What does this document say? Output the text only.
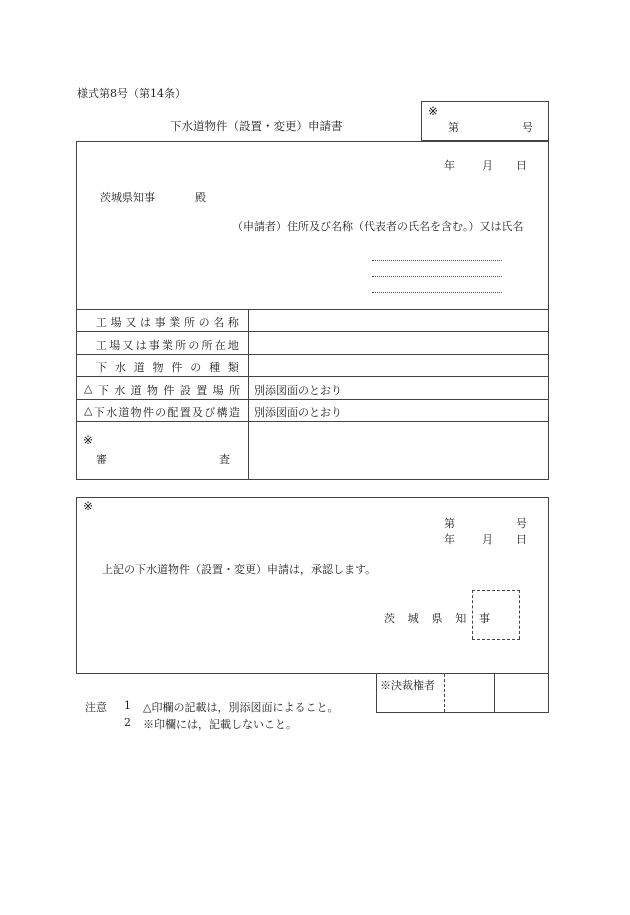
様式第8号（第14条）
下水道物件（設置・変更）申請書
※
第	号
年 月 日
茨城県知事	殿
（申請者）住所及び名称（代表者の氏名を含む。）又は氏名
工 場 又 は 事 業 所 の 名 称
工 場 又 は 事 業 所 の 所 在 地
下 水 道 物 件 の 種 類
△ 下 水 道 物 件 設 置 場 所 別添図面のとおり
△ 下 水 道 物 件 の 配 置 及 び 構 造 別添図面のとおり
※
審	査
※
第	号
年 月 日
上記の下水道物件（設置・変更）申請は，承認します。
茨 城 県 知 事
※決裁権者
注意 1 △印欄の記載は，別添図面によること。
2 ※印欄には，記載しないこと。
